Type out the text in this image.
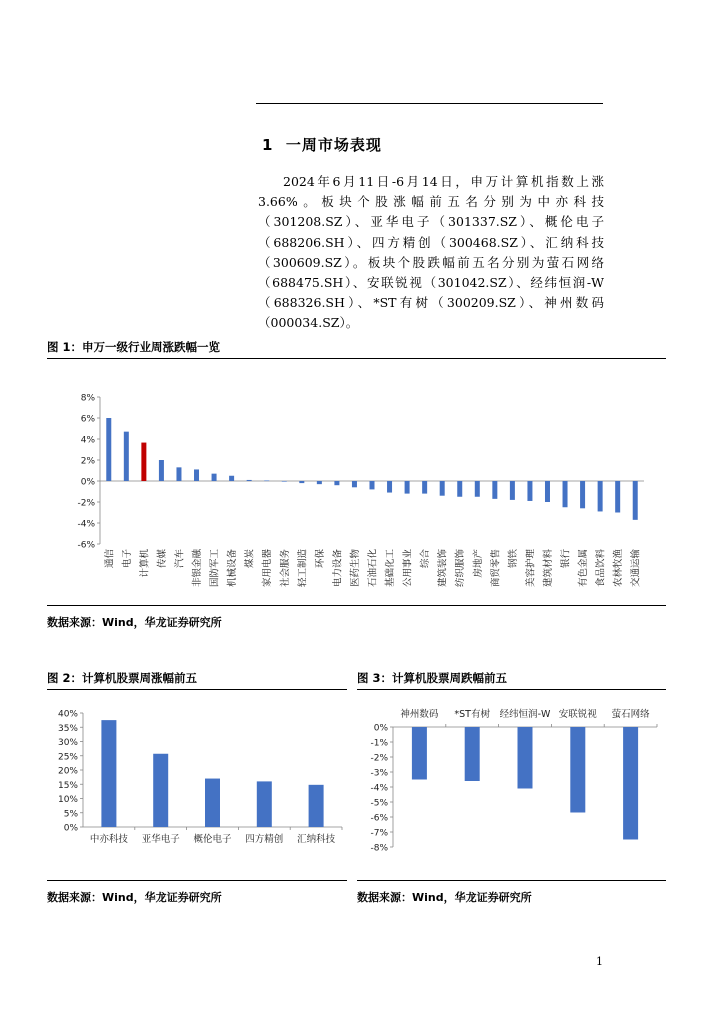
1 一周市场表现

2024年6月11日-6月14日，申万计算机指数上涨3.66%。板块个股涨幅前五名分别为中亦科技（301208.SZ）、亚华电子（301337.SZ）、概伦电子（688206.SH）、四方精创（300468.SZ）、汇纳科技（300609.SZ）。板块个股跌幅前五名分别为萤石网络（688475.SH）、安联锐视（301042.SZ）、经纬恒润-W（688326.SH）、*ST有树（300209.SZ）、神州数码（000034.SZ）。

图 1：申万一级行业周涨跌幅一览
-6%
-4%
-2%
0%
2%
4%
6%
8%
通信 电子 计算机 传媒 汽车 非银金融 国防军工 机械设备 煤炭 家用电器 社会服务 轻工制造 环保 电力设备 医药生物 石油石化 基础化工 公用事业 综合 建筑装饰 纺织服饰 房地产 商贸零售 钢铁 美容护理 建筑材料 银行 有色金属 食品饮料 农林牧渔 交通运输
数据来源：Wind，华龙证券研究所
图 2：计算机股票周涨幅前五
0%
5%
10%
15%
20%
25%
30%
35%
40%
中亦科技 亚华电子 概伦电子 四方精创 汇纳科技
数据来源：Wind，华龙证券研究所
图 3：计算机股票周跌幅前五
0%
-1%
-2%
-3%
-4%
-5%
-6%
-7%
-8%
神州数码 *ST有树 经纬恒润-W 安联锐视 萤石网络
数据来源：Wind，华龙证券研究所
1
